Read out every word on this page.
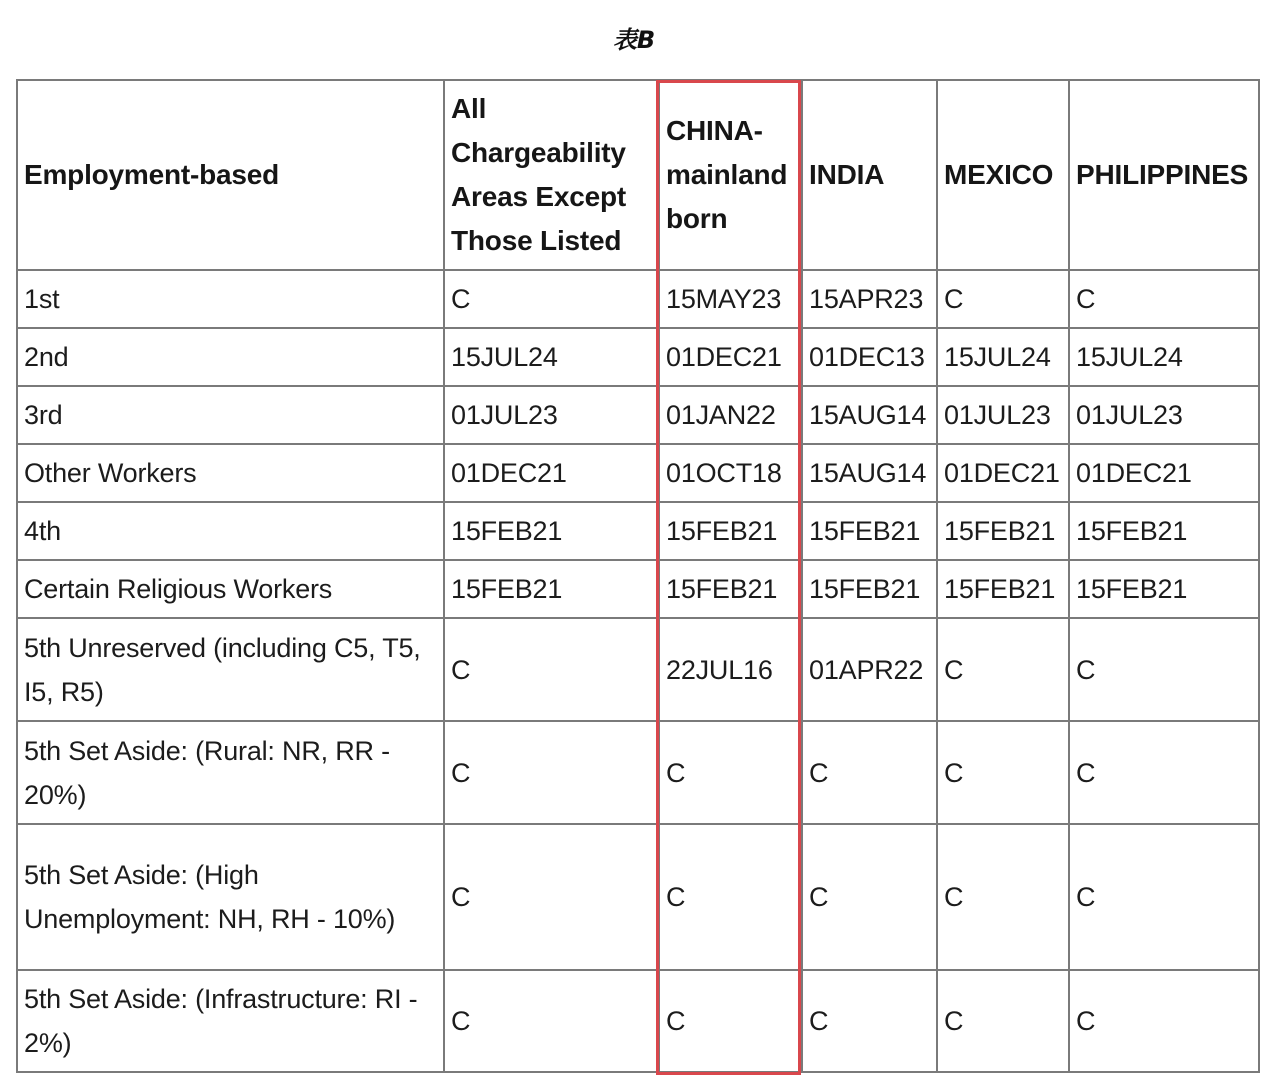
表B
Employment-based	All Chargeability Areas Except Those Listed	CHINA-mainland born	INDIA	MEXICO	PHILIPPINES
1st	C	15MAY23	15APR23	C	C
2nd	15JUL24	01DEC21	01DEC13	15JUL24	15JUL24
3rd	01JUL23	01JAN22	15AUG14	01JUL23	01JUL23
Other Workers	01DEC21	01OCT18	15AUG14	01DEC21	01DEC21
4th	15FEB21	15FEB21	15FEB21	15FEB21	15FEB21
Certain Religious Workers	15FEB21	15FEB21	15FEB21	15FEB21	15FEB21
5th Unreserved (including C5, T5, I5, R5)	C	22JUL16	01APR22	C	C
5th Set Aside: (Rural: NR, RR - 20%)	C	C	C	C	C
5th Set Aside: (High Unemployment: NH, RH - 10%)	C	C	C	C	C
5th Set Aside: (Infrastructure: RI - 2%)	C	C	C	C	C
